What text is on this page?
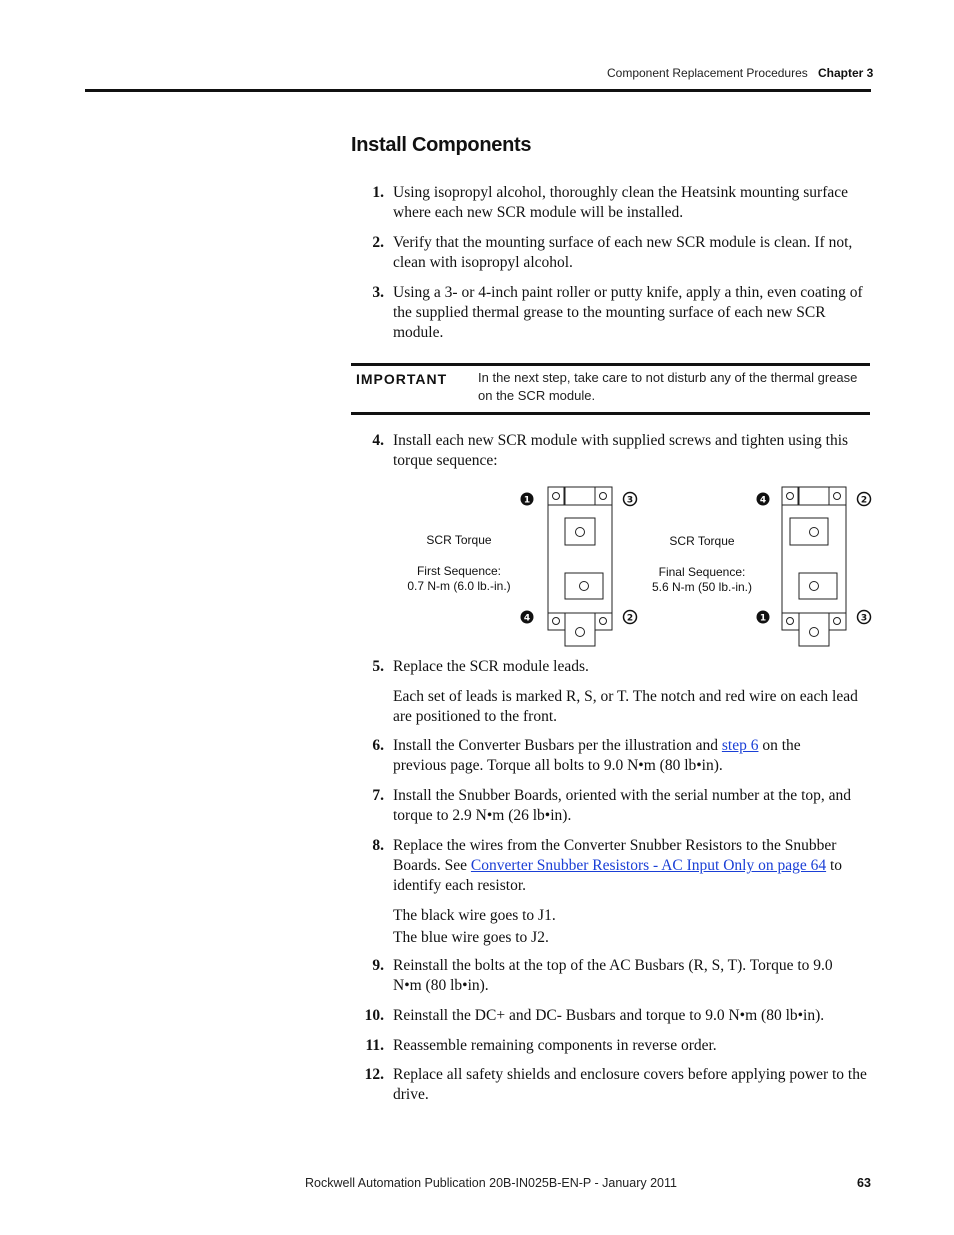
Component Replacement Procedures Chapter 3
Install Components
1. Using isopropyl alcohol, thoroughly clean the Heatsink mounting surface
where each new SCR module will be installed.
2. Verify that the mounting surface of each new SCR module is clean. If not,
clean with isopropyl alcohol.
3. Using a 3- or 4-inch paint roller or putty knife, apply a thin, even coating of
the supplied thermal grease to the mounting surface of each new SCR
module.
IMPORTANT In the next step, take care to not disturb any of the thermal grease on the SCR module.
4. Install each new SCR module with supplied screws and tighten using this
torque sequence:
SCR Torque
First Sequence:
0.7 N-m (6.0 lb.-in.)
1	3
4	2
SCR Torque
Final Sequence:
5.6 N-m (50 lb.-in.)
4	2
1	3
5. Replace the SCR module leads.
Each set of leads is marked R, S, or T. The notch and red wire on each lead
are positioned to the front.
6. Install the Converter Busbars per the illustration and step 6 on the
previous page. Torque all bolts to 9.0 N•m (80 lb•in).
7. Install the Snubber Boards, oriented with the serial number at the top, and
torque to 2.9 N•m (26 lb•in).
8. Replace the wires from the Converter Snubber Resistors to the Snubber
Boards. See Converter Snubber Resistors - AC Input Only on page 64 to
identify each resistor.
The black wire goes to J1.
The blue wire goes to J2.
9. Reinstall the bolts at the top of the AC Busbars (R, S, T). Torque to 9.0
N•m (80 lb•in).
10. Reinstall the DC+ and DC- Busbars and torque to 9.0 N•m (80 lb•in).
11. Reassemble remaining components in reverse order.
12. Replace all safety shields and enclosure covers before applying power to the
drive.
Rockwell Automation Publication 20B-IN025B-EN-P - January 2011	63
